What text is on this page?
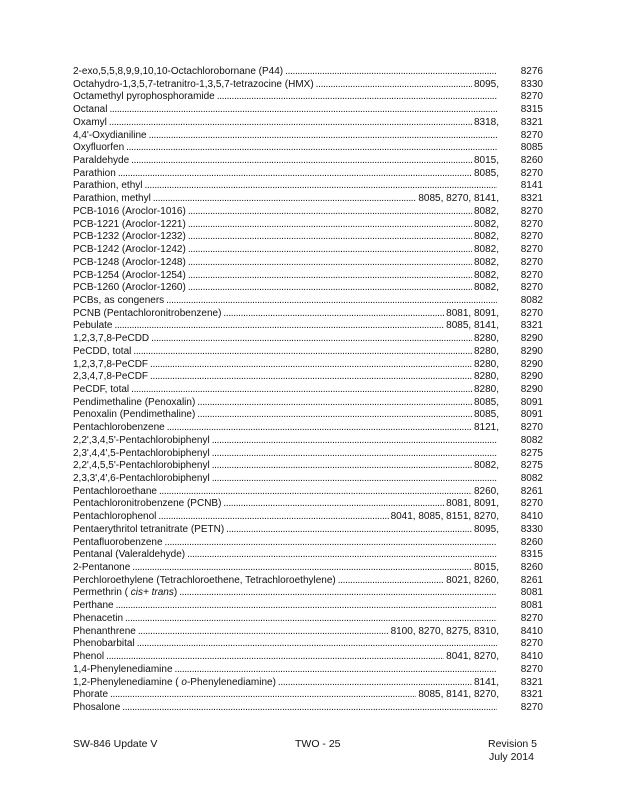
2-exo,5,5,8,9,9,10,10-Octachlorobornane (P44) . . .	8276
Octahydro-1,3,5,7-tetranitro-1,3,5,7-tetrazocine (HMX) . . .	8095,	8330
Octamethyl pyrophosphoramide . . .	8270
Octanal . . .	8315
Oxamyl . . .	8318,	8321
4,4'-Oxydianiline . . .	8270
Oxyfluorfen . . .	8085
Paraldehyde . . .	8015,	8260
Parathion . . .	8085,	8270
Parathion, ethyl . . .	8141
Parathion, methyl . . .	8085, 8270, 8141,	8321
PCB-1016 (Aroclor-1016) . . .	8082,	8270
PCB-1221 (Aroclor-1221) . . .	8082,	8270
PCB-1232 (Aroclor-1232) . . .	8082,	8270
PCB-1242 (Aroclor-1242) . . .	8082,	8270
PCB-1248 (Aroclor-1248) . . .	8082,	8270
PCB-1254 (Aroclor-1254) . . .	8082,	8270
PCB-1260 (Aroclor-1260) . . .	8082,	8270
PCBs, as congeners . . .	8082
PCNB (Pentachloronitrobenzene) . . .	8081, 8091,	8270
Pebulate . . .	8085, 8141,	8321
1,2,3,7,8-PeCDD . . .	8280,	8290
PeCDD, total . . .	8280,	8290
1,2,3,7,8-PeCDF . . .	8280,	8290
2,3,4,7,8-PeCDF . . .	8280,	8290
PeCDF, total . . .	8280,	8290
Pendimethaline (Penoxalin) . . .	8085,	8091
Penoxalin (Pendimethaline) . . .	8085,	8091
Pentachlorobenzene . . .	8121,	8270
2,2',3,4,5'-Pentachlorobiphenyl . . .	8082
2,3',4,4',5-Pentachlorobiphenyl . . .	8275
2,2',4,5,5'-Pentachlorobiphenyl . . .	8082,	8275
2,3,3',4',6-Pentachlorobiphenyl . . .	8082
Pentachloroethane . . .	8260,	8261
Pentachloronitrobenzene (PCNB) . . .	8081, 8091,	8270
Pentachlorophenol . . .	8041, 8085, 8151, 8270,	8410
Pentaerythritol tetranitrate (PETN) . . .	8095,	8330
Pentafluorobenzene . . .	8260
Pentanal (Valeraldehyde) . . .	8315
2-Pentanone . . .	8015,	8260
Perchloroethylene (Tetrachloroethene, Tetrachloroethylene) . . .	8021, 8260,	8261
Permethrin ( cis+ trans) . . .	8081
Perthane . . .	8081
Phenacetin . . .	8270
Phenanthrene . . .	8100, 8270, 8275, 8310,	8410
Phenobarbital . . .	8270
Phenol . . .	8041, 8270,	8410
1,4-Phenylenediamine . . .	8270
1,2-Phenylenediamine ( o-Phenylenediamine) . . .	8141,	8321
Phorate . . .	8085, 8141, 8270,	8321
Phosalone . . .	8270
SW-846 Update V	TWO - 25	Revision 5
July 2014
